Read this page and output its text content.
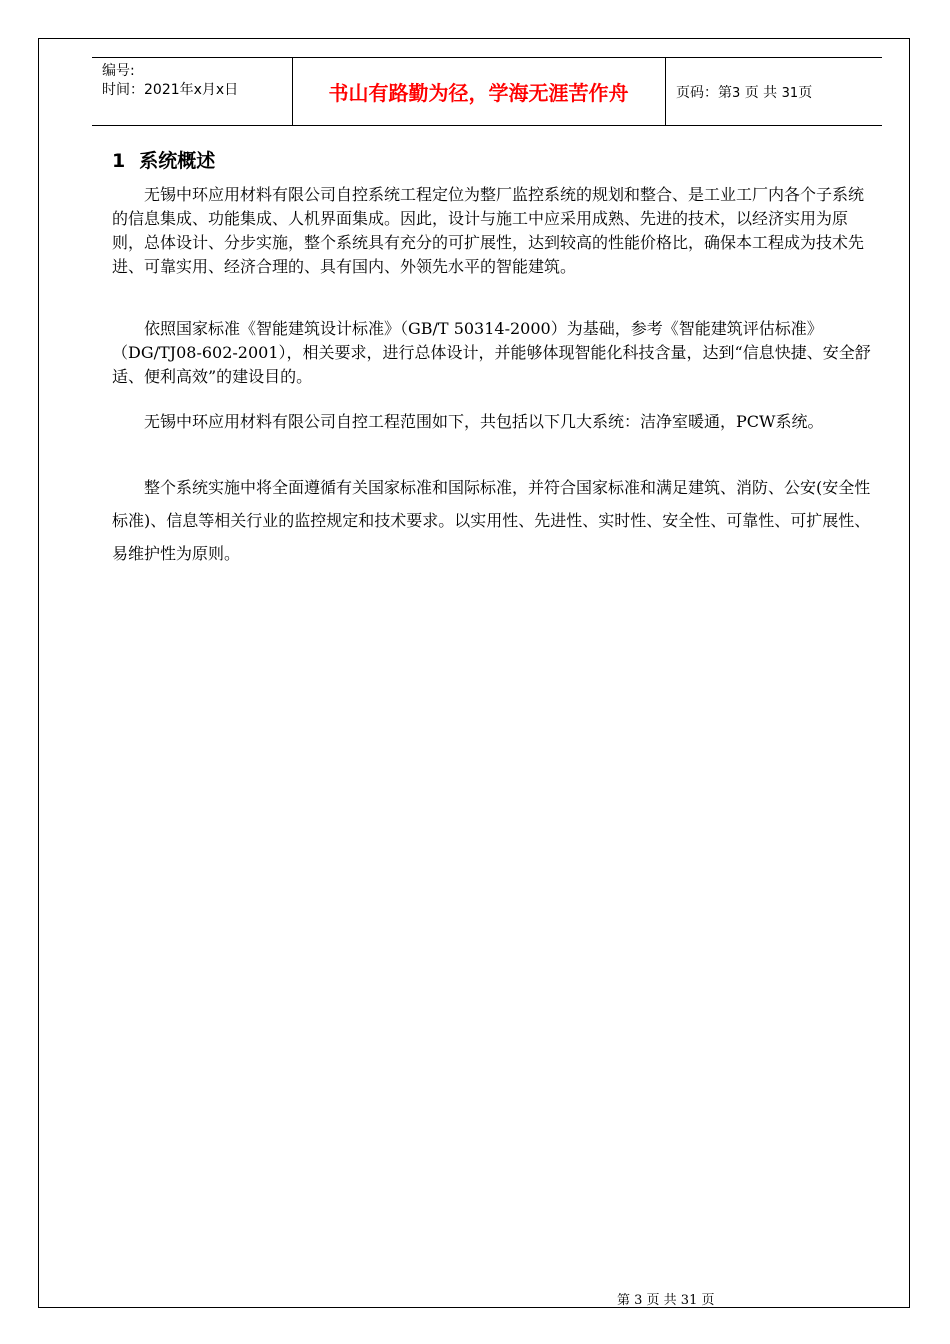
编号:
时间：2021年x月x日	书山有路勤为径，学海无涯苦作舟	页码：第3 页 共 31页
1 系统概述

无锡中环应用材料有限公司自控系统工程定位为整厂监控系统的规划和整合、是工业工厂内各个子系统的信息集成、功能集成、人机界面集成。因此，设计与施工中应采用成熟、先进的技术，以经济实用为原则，总体设计、分步实施，整个系统具有充分的可扩展性，达到较高的性能价格比，确保本工程成为技术先进、可靠实用、经济合理的、具有国内、外领先水平的智能建筑。

依照国家标准《智能建筑设计标准》（GB/T 50314-2000）为基础，参考《智能建筑评估标准》（DG/TJ08-602-2001），相关要求，进行总体设计，并能够体现智能化科技含量，达到“信息快捷、安全舒适、便利高效”的建设目的。

无锡中环应用材料有限公司自控工程范围如下，共包括以下几大系统：洁净室暖通，PCW系统。

整个系统实施中将全面遵循有关国家标准和国际标准，并符合国家标准和满足建筑、消防、公安(安全性标准)、信息等相关行业的监控规定和技术要求。以实用性、先进性、实时性、安全性、可靠性、可扩展性、易维护性为原则。

第 3 页 共 31 页
